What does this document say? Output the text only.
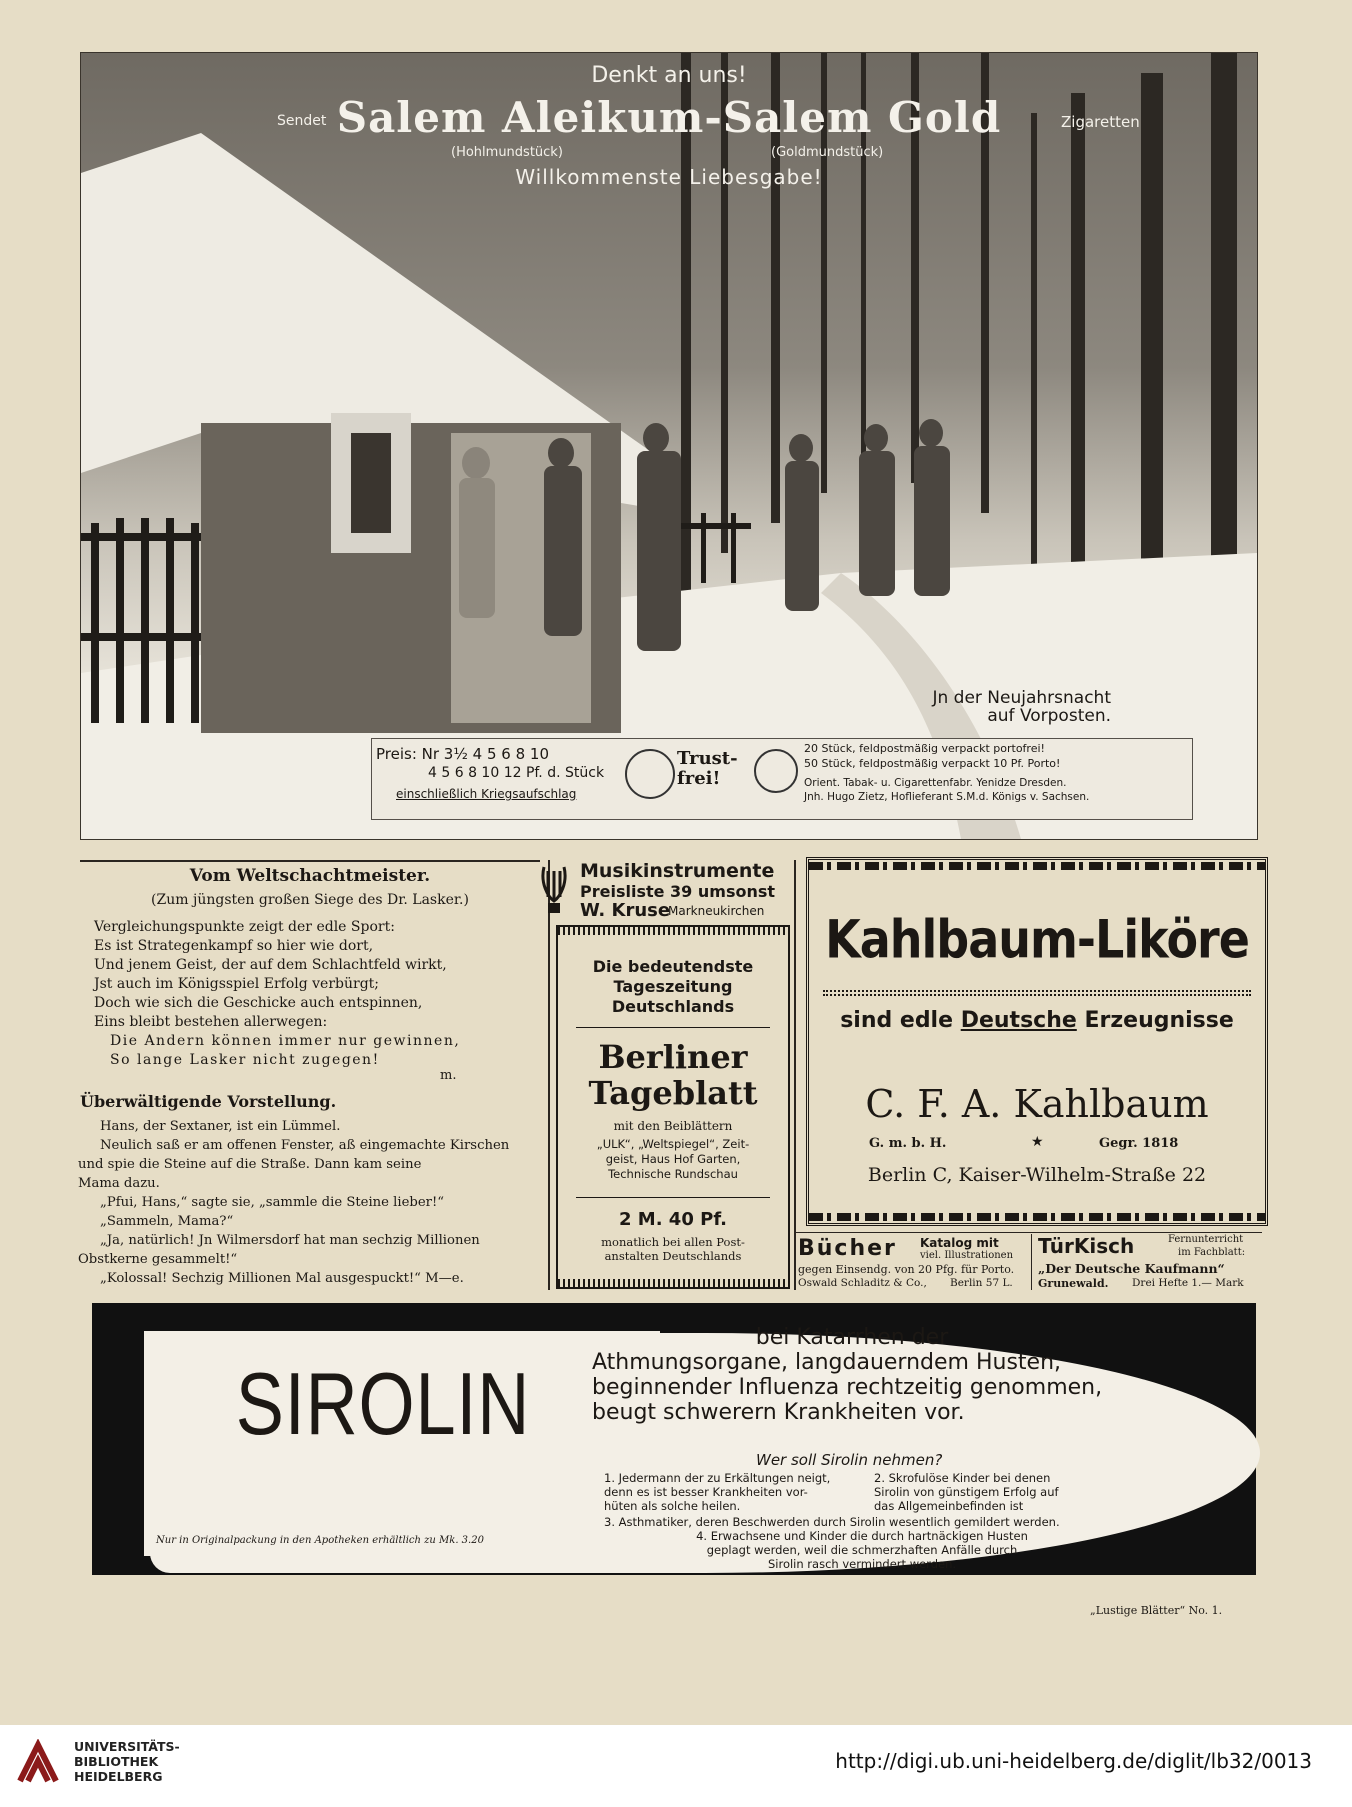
Denkt an uns!
Sendet Salem Aleikum-Salem Gold	Zigaretten
(Hohlmundstück)	(Goldmundstück)
Willkommenste Liebesgabe!
Jn der Neujahrsnacht auf Vorposten.
Preis: Nr 3½ 4 5 6 8 10
4 5 6 8 10 12 Pf. d. Stück
einschließlich Kriegsaufschlag
Trust-frei!
20 Stück, feldpostmäßig verpackt portofrei!
50 Stück, feldpostmäßig verpackt 10 Pf. Porto!
Orient. Tabak- u. Cigarettenfabr. Yenidze Dresden.
Jnh. Hugo Zietz, Hoflieferant S.M.d. Königs v. Sachsen.
Vom Weltschachtmeister.
(Zum jüngsten großen Siege des Dr. Lasker.)
Vergleichungspunkte zeigt der edle Sport:
Es ist Strategenkampf so hier wie dort,
Und jenem Geist, der auf dem Schlachtfeld wirkt,
Jst auch im Königsspiel Erfolg verbürgt;
Doch wie sich die Geschicke auch entspinnen,
Eins bleibt bestehen allerwegen:
Die Andern können immer nur gewinnen,
So lange Lasker nicht zugegen!
m.
Überwältigende Vorstellung.
Hans, der Sextaner, ist ein Lümmel.
Neulich saß er am offenen Fenster, aß eingemachte Kirschen
und spie die Steine auf die Straße. Dann kam seine
Mama dazu.
„Pfui, Hans,“ sagte sie, „sammle die Steine lieber!“
„Sammeln, Mama?“
„Ja, natürlich! Jn Wilmersdorf hat man sechzig Millionen
Obstkerne gesammelt!“
„Kolossal! Sechzig Millionen Mal ausgespuckt!“ M—e.
Musikinstrumente
Preisliste 39 umsonst
W. Kruse
Markneukirchen
Die bedeutendste
Tageszeitung
Deutschlands
Berliner
Tageblatt
mit den Beiblättern
„ULK“, „Weltspiegel“, Zeit-
geist, Haus Hof Garten,
Technische Rundschau
2 M. 40 Pf.
monatlich bei allen Post-
anstalten Deutschlands
Kahlbaum-Liköre
sind edle Deutsche Erzeugnisse
C. F. A. Kahlbaum
G. m. b. H.	★	Gegr. 1818
Berlin C, Kaiser-Wilhelm-Straße 22
Bücher Katalog mit
viel. Illustrationen
gegen Einsendg. von 20 Pfg. für Porto.
Oswald Schladitz & Co., Berlin 57 L.
TürKisch	Fernunterricht
im Fachblatt:
„Der Deutsche Kaufmann“
Grunewald. Drei Hefte 1.— Mark
SIROLIN
Nur in Originalpackung in den Apotheken erhältlich zu Mk. 3.20
bei Katarrhen der
Athmungsorgane, langdauerndem Husten,
beginnender Influenza rechtzeitig genommen,
beugt schwerern Krankheiten vor.
Wer soll Sirolin nehmen?
1. Jedermann der zu Erkältungen neigt,
denn es ist besser Krankheiten vor-
hüten als solche heilen.
2. Skrofulöse Kinder bei denen
Sirolin von günstigem Erfolg auf
das Allgemeinbefinden ist
3. Asthmatiker, deren Beschwerden durch Sirolin wesentlich gemildert werden.
4. Erwachsene und Kinder die durch hartnäckigen Husten
geplagt werden, weil die schmerzhaften Anfälle durch
Sirolin rasch vermindert werden.
„Lustige Blätter“ No. 1.
UNIVERSITÄTS-
BIBLIOTHEK
HEIDELBERG
http://digi.ub.uni-heidelberg.de/diglit/lb32/0013
